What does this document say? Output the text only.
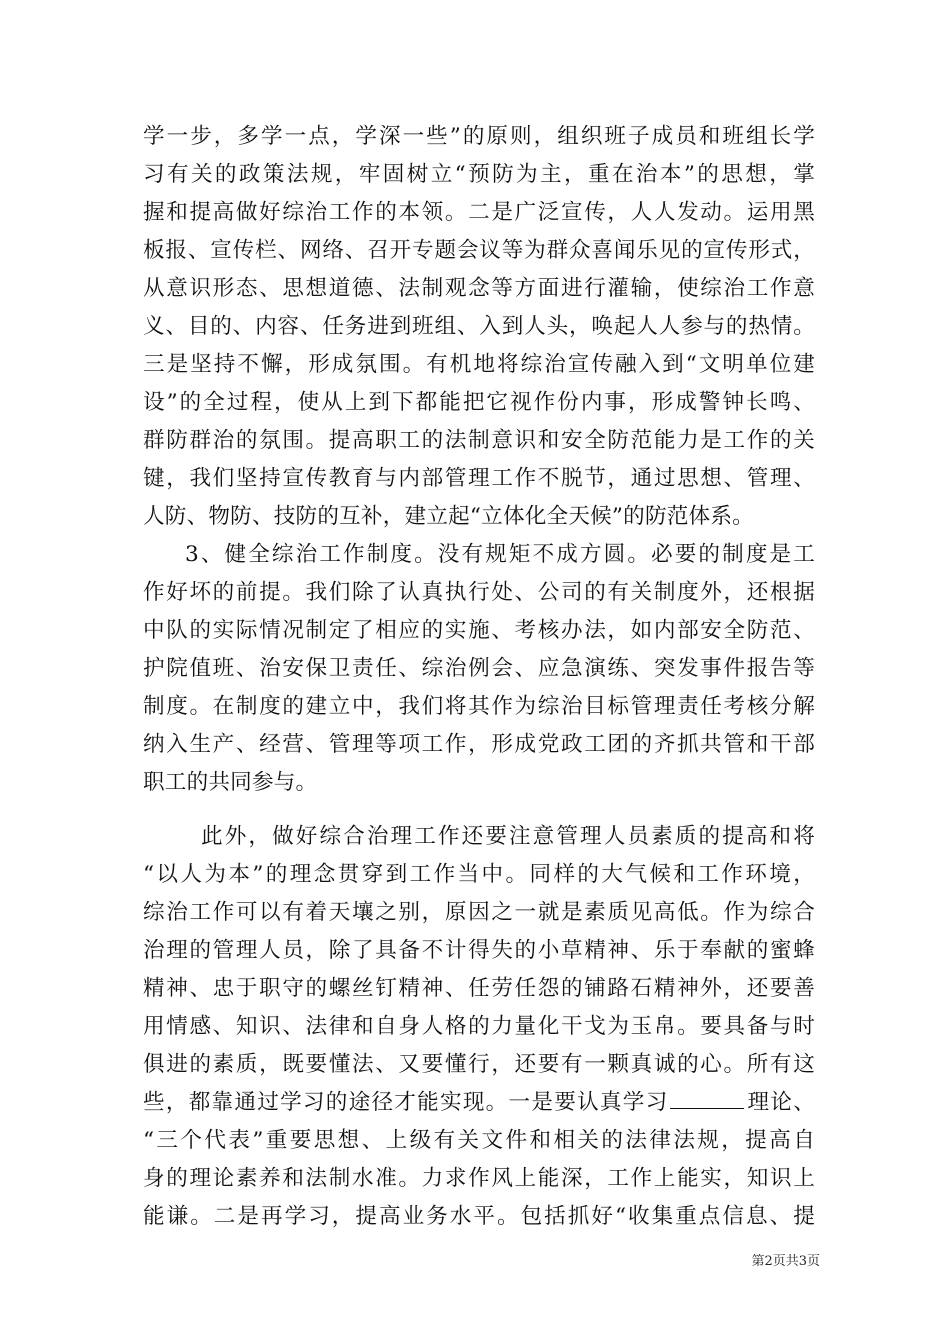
学一步，多学一点，学深一些”的原则，组织班子成员和班组长学
习有关的政策法规，牢固树立“预防为主，重在治本”的思想，掌
握和提高做好综治工作的本领。二是广泛宣传，人人发动。运用黑
板报、宣传栏、网络、召开专题会议等为群众喜闻乐见的宣传形式，
从意识形态、思想道德、法制观念等方面进行灌输，使综治工作意
义、目的、内容、任务进到班组、入到人头，唤起人人参与的热情。
三是坚持不懈，形成氛围。有机地将综治宣传融入到“文明单位建
设”的全过程，使从上到下都能把它视作份内事，形成警钟长鸣、
群防群治的氛围。提高职工的法制意识和安全防范能力是工作的关
键，我们坚持宣传教育与内部管理工作不脱节，通过思想、管理、
人防、物防、技防的互补，建立起“立体化全天候”的防范体系。
3、健全综治工作制度。没有规矩不成方圆。必要的制度是工
作好坏的前提。我们除了认真执行处、公司的有关制度外，还根据
中队的实际情况制定了相应的实施、考核办法，如内部安全防范、
护院值班、治安保卫责任、综治例会、应急演练、突发事件报告等
制度。在制度的建立中，我们将其作为综治目标管理责任考核分解
纳入生产、经营、管理等项工作，形成党政工团的齐抓共管和干部
职工的共同参与。
此外，做好综合治理工作还要注意管理人员素质的提高和将
“以人为本”的理念贯穿到工作当中。同样的大气候和工作环境，
综治工作可以有着天壤之别，原因之一就是素质见高低。作为综合
治理的管理人员，除了具备不计得失的小草精神、乐于奉献的蜜蜂
精神、忠于职守的螺丝钉精神、任劳任怨的铺路石精神外，还要善
用情感、知识、法律和自身人格的力量化干戈为玉帛。要具备与时
俱进的素质，既要懂法、又要懂行，还要有一颗真诚的心。所有这
些，都靠通过学习的途径才能实现。一是要认真学习	理论、
“三个代表”重要思想、上级有关文件和相关的法律法规，提高自
身的理论素养和法制水准。力求作风上能深，工作上能实，知识上
能谦。二是再学习，提高业务水平。包括抓好“收集重点信息、提
第2页共3页
